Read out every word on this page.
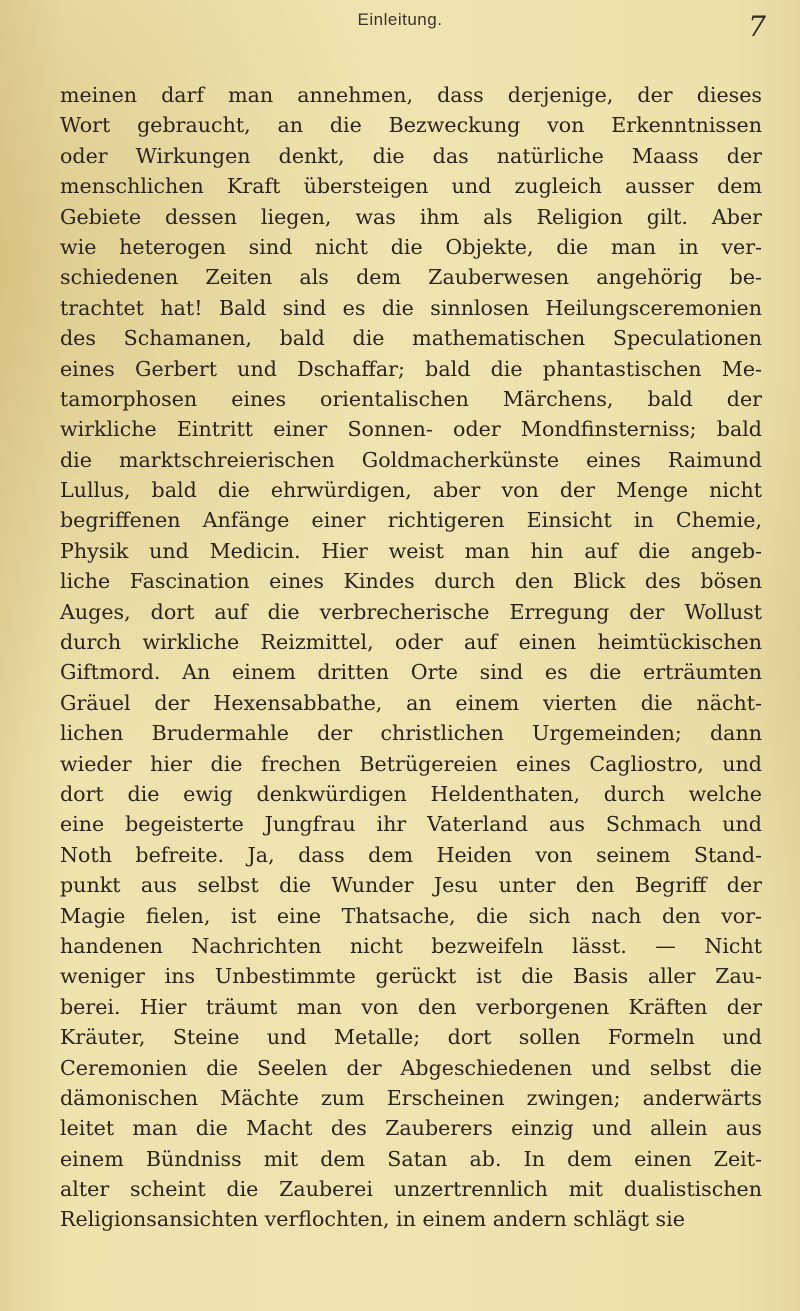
Einleitung.	7
meinen darf man annehmen, dass derjenige, der dieses
Wort gebraucht, an die Bezweckung von Erkenntnissen
oder Wirkungen denkt, die das natürliche Maass der
menschlichen Kraft übersteigen und zugleich ausser dem
Gebiete dessen liegen, was ihm als Religion gilt. Aber
wie heterogen sind nicht die Objekte, die man in ver-
schiedenen Zeiten als dem Zauberwesen angehörig be-
trachtet hat! Bald sind es die sinnlosen Heilungsceremonien
des Schamanen, bald die mathematischen Speculationen
eines Gerbert und Dschaffar; bald die phantastischen Me-
tamorphosen eines orientalischen Märchens, bald der
wirkliche Eintritt einer Sonnen- oder Mondfinsterniss; bald
die marktschreierischen Goldmacherkünste eines Raimund
Lullus, bald die ehrwürdigen, aber von der Menge nicht
begriffenen Anfänge einer richtigeren Einsicht in Chemie,
Physik und Medicin. Hier weist man hin auf die angeb-
liche Fascination eines Kindes durch den Blick des bösen
Auges, dort auf die verbrecherische Erregung der Wollust
durch wirkliche Reizmittel, oder auf einen heimtückischen
Giftmord. An einem dritten Orte sind es die erträumten
Gräuel der Hexensabbathe, an einem vierten die nächt-
lichen Brudermahle der christlichen Urgemeinden; dann
wieder hier die frechen Betrügereien eines Cagliostro, und
dort die ewig denkwürdigen Heldenthaten, durch welche
eine begeisterte Jungfrau ihr Vaterland aus Schmach und
Noth befreite. Ja, dass dem Heiden von seinem Stand-
punkt aus selbst die Wunder Jesu unter den Begriff der
Magie fielen, ist eine Thatsache, die sich nach den vor-
handenen Nachrichten nicht bezweifeln lässt. — Nicht
weniger ins Unbestimmte gerückt ist die Basis aller Zau-
berei. Hier träumt man von den verborgenen Kräften der
Kräuter, Steine und Metalle; dort sollen Formeln und
Ceremonien die Seelen der Abgeschiedenen und selbst die
dämonischen Mächte zum Erscheinen zwingen; anderwärts
leitet man die Macht des Zauberers einzig und allein aus
einem Bündniss mit dem Satan ab. In dem einen Zeit-
alter scheint die Zauberei unzertrennlich mit dualistischen
Religionsansichten verflochten, in einem andern schlägt sie
